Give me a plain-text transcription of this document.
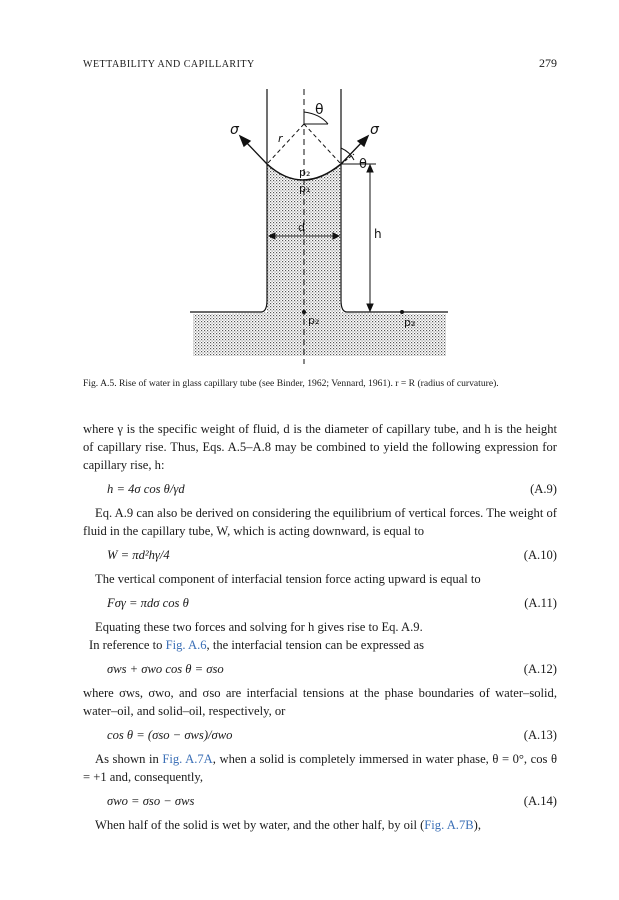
WETTABILITY AND CAPILLARITY	279
θ
σ	σ
r
p₂
θ
p₁
d	h
p₂	p₂
Fig. A.5. Rise of water in glass capillary tube (see Binder, 1962; Vennard, 1961). r = R (radius of curvature).

where γ is the specific weight of fluid, d is the diameter of capillary tube, and h is the height of capillary rise. Thus, Eqs. A.5–A.8 may be combined to yield the following expression for capillary rise, h:

h = 4σ cos θ/γd	(A.9)

Eq. A.9 can also be derived on considering the equilibrium of vertical forces. The weight of fluid in the capillary tube, W, which is acting downward, is equal to

W = πd²hγ/4	(A.10)

The vertical component of interfacial tension force acting upward is equal to

Fσγ = πdσ cos θ	(A.11)

Equating these two forces and solving for h gives rise to Eq. A.9.

In reference to Fig. A.6, the interfacial tension can be expressed as

σws + σwo cos θ = σso	(A.12)

where σws, σwo, and σso are interfacial tensions at the phase boundaries of water–solid, water–oil, and solid–oil, respectively, or

cos θ = (σso − σws)/σwo	(A.13)

As shown in Fig. A.7A, when a solid is completely immersed in water phase, θ = 0°, cos θ = +1 and, consequently,

σwo = σso − σws	(A.14)

When half of the solid is wet by water, and the other half, by oil (Fig. A.7B),
